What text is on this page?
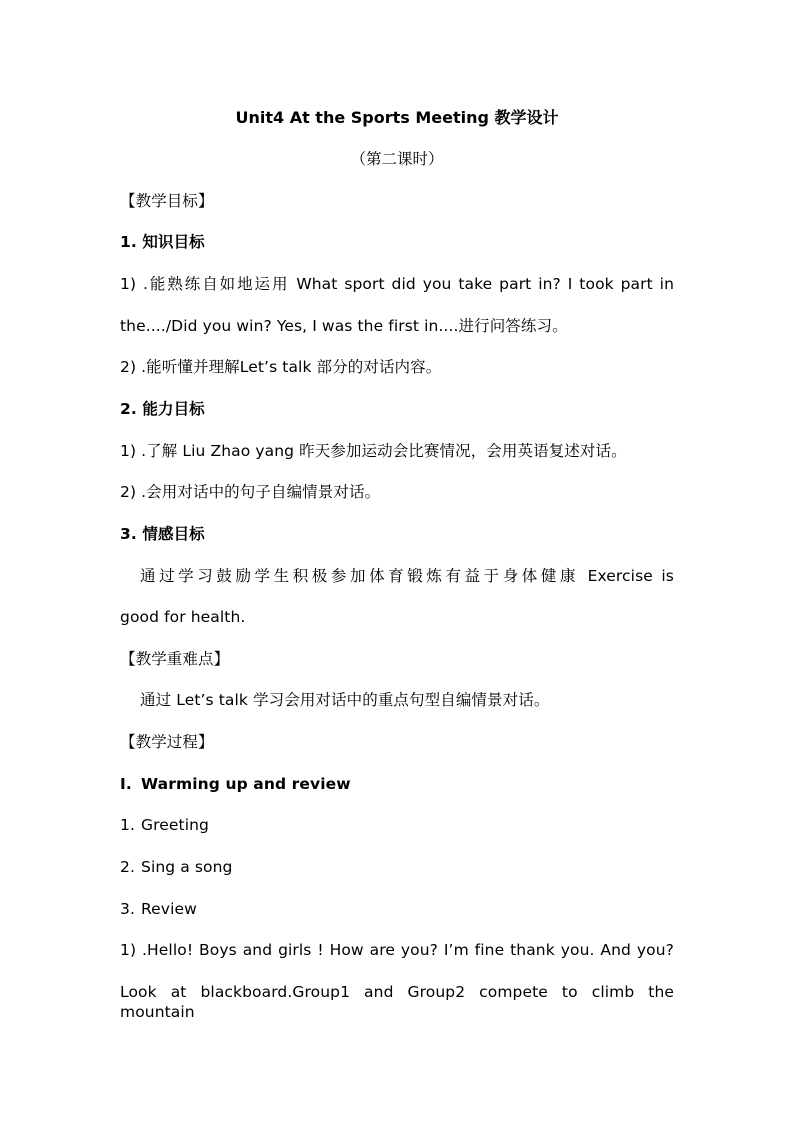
Unit4 At the Sports Meeting 教学设计
（第二课时）
【教学目标】
1. 知识目标
1) .能熟练自如地运用 What sport did you take part in? I took part in
the..../Did you win? Yes, I was the first in....进行问答练习。
2) .能听懂并理解Let’s talk 部分的对话内容。
2. 能力目标
1) .了解 Liu Zhao yang 昨天参加运动会比赛情况，会用英语复述对话。
2) .会用对话中的句子自编情景对话。
3. 情感目标
通过学习鼓励学生积极参加体育锻炼有益于身体健康 Exercise is
good for health.
【教学重难点】
通过 Let’s talk 学习会用对话中的重点句型自编情景对话。
【教学过程】
I. Warming up and review
1. Greeting
2. Sing a song
3. Review
1) .Hello! Boys and girls ! How are you? I’m fine thank you. And you?
Look at blackboard.Group1 and Group2 compete to climb the mountain
